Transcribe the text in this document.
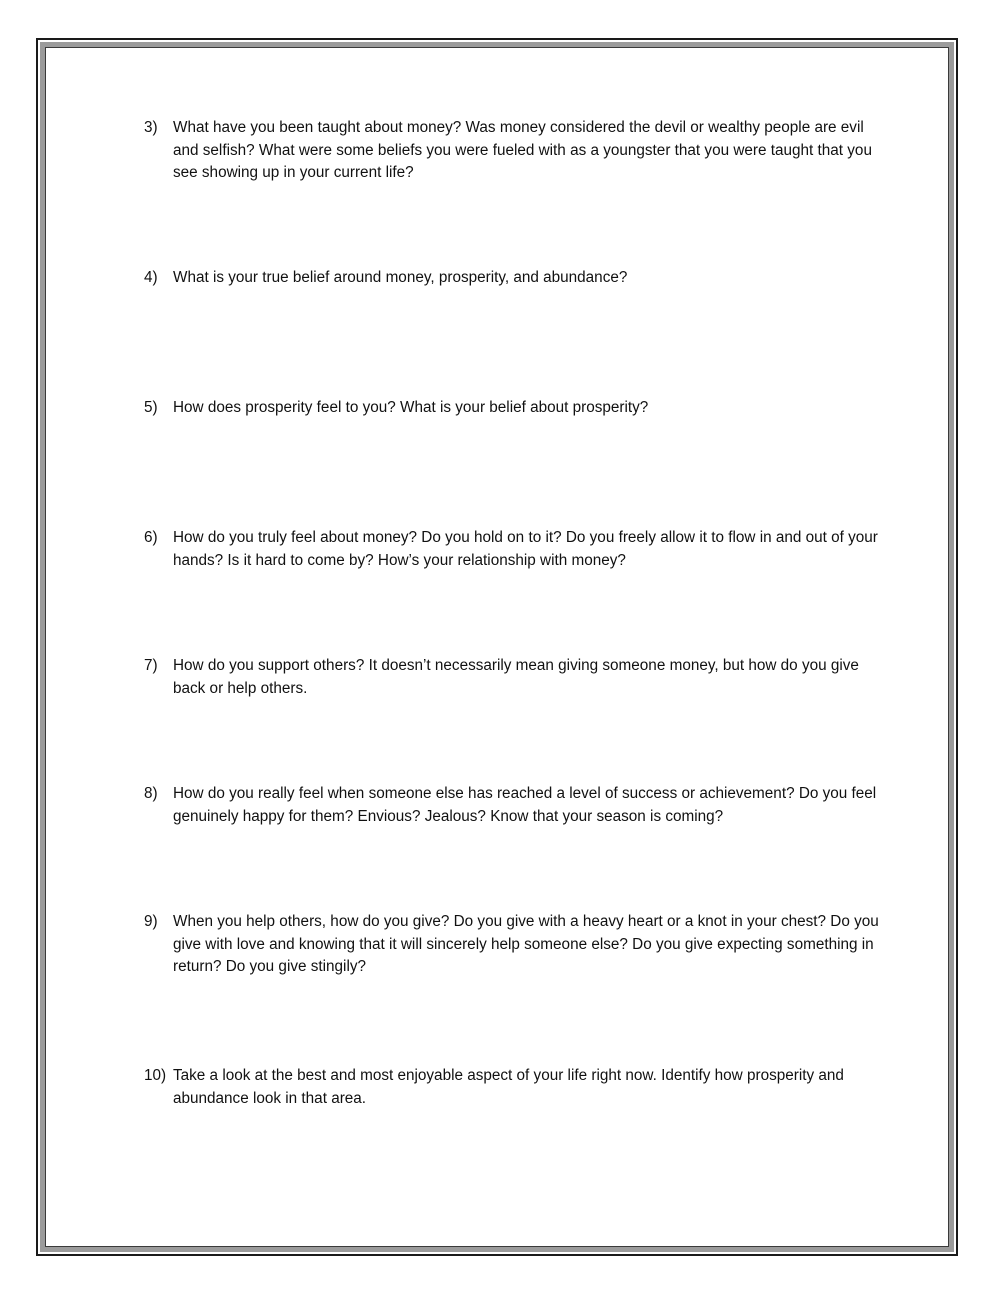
3)	What have you been taught about money? Was money considered the devil or wealthy people are evil and selfish? What were some beliefs you were fueled with as a youngster that you were taught that you see showing up in your current life?
4)	What is your true belief around money, prosperity, and abundance?
5)	How does prosperity feel to you? What is your belief about prosperity?
6)	How do you truly feel about money? Do you hold on to it? Do you freely allow it to flow in and out of your hands? Is it hard to come by? How’s your relationship with money?
7)	How do you support others? It doesn’t necessarily mean giving someone money, but how do you give back or help others.
8)	How do you really feel when someone else has reached a level of success or achievement? Do you feel genuinely happy for them? Envious? Jealous? Know that your season is coming?
9)	When you help others, how do you give? Do you give with a heavy heart or a knot in your chest? Do you give with love and knowing that it will sincerely help someone else? Do you give expecting something in return? Do you give stingily?
10) Take a look at the best and most enjoyable aspect of your life right now. Identify how prosperity and abundance look in that area.
